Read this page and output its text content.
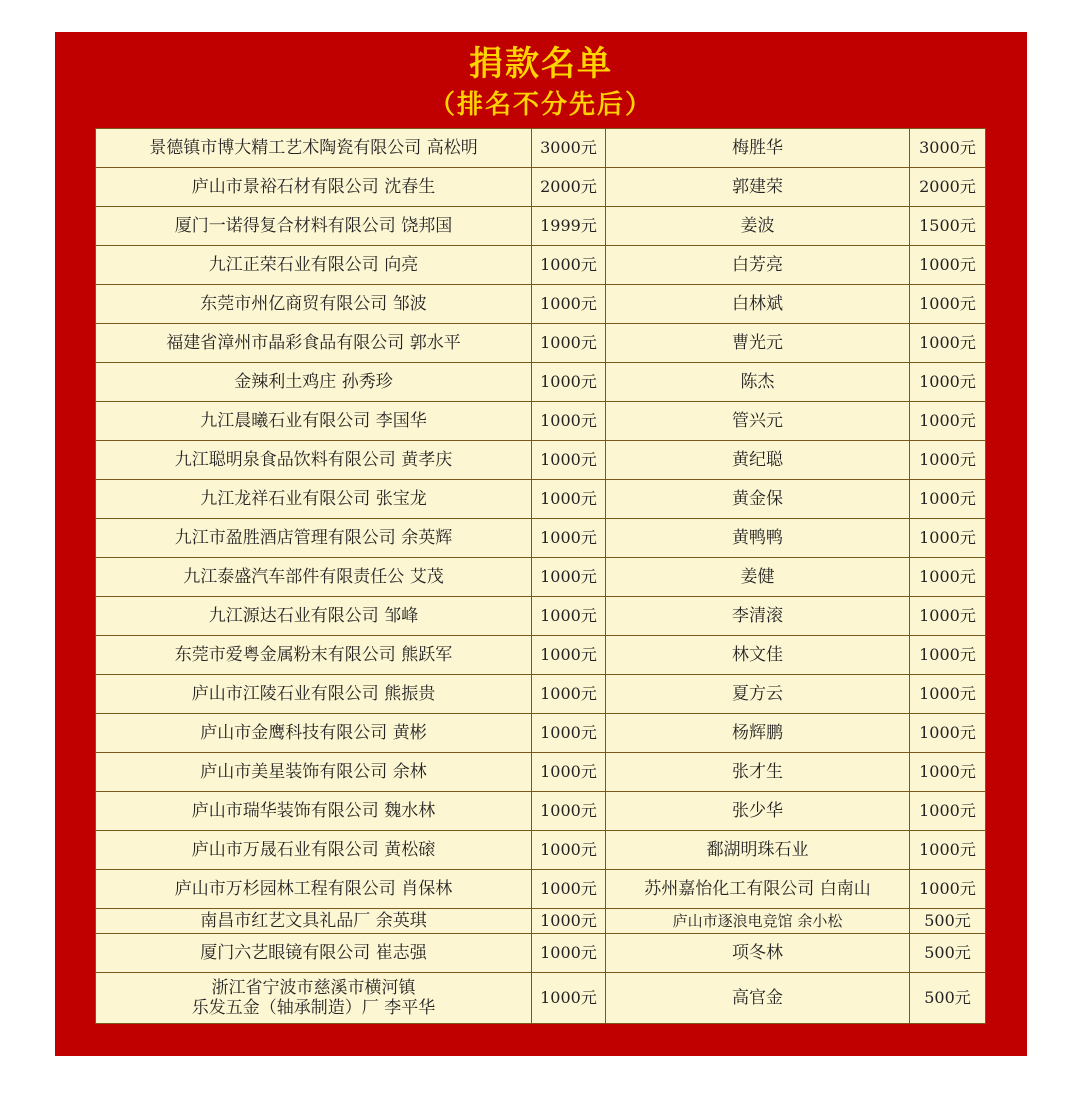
捐款名单
（排名不分先后）
景德镇市博大精工艺术陶瓷有限公司 高松明	3000元	梅胜华	3000元
庐山市景裕石材有限公司 沈春生	2000元	郭建荣	2000元
厦门一诺得复合材料有限公司 饶邦国	1999元	姜波	1500元
九江正荣石业有限公司 向亮	1000元	白芳亮	1000元
东莞市州亿商贸有限公司 邹波	1000元	白林斌	1000元
福建省漳州市晶彩食品有限公司 郭水平	1000元	曹光元	1000元
金辣利土鸡庄 孙秀珍	1000元	陈杰	1000元
九江晨曦石业有限公司 李国华	1000元	管兴元	1000元
九江聪明泉食品饮料有限公司 黄孝庆	1000元	黄纪聪	1000元
九江龙祥石业有限公司 张宝龙	1000元	黄金保	1000元
九江市盈胜酒店管理有限公司 余英辉	1000元	黄鸭鸭	1000元
九江泰盛汽车部件有限责任公 艾茂	1000元	姜健	1000元
九江源达石业有限公司 邹峰	1000元	李清滚	1000元
东莞市爱粤金属粉末有限公司 熊跃军	1000元	林文佳	1000元
庐山市江陵石业有限公司 熊振贵	1000元	夏方云	1000元
庐山市金鹰科技有限公司 黄彬	1000元	杨辉鹏	1000元
庐山市美星装饰有限公司 余林	1000元	张才生	1000元
庐山市瑞华装饰有限公司 魏水林	1000元	张少华	1000元
庐山市万晟石业有限公司 黄松磙	1000元	鄱湖明珠石业	1000元
庐山市万杉园林工程有限公司 肖保林	1000元	苏州嘉怡化工有限公司 白南山	1000元
南昌市红艺文具礼品厂 余英琪	1000元	庐山市逐浪电竞馆 余小松	500元
厦门六艺眼镜有限公司 崔志强	1000元	项冬林	500元

浙江省宁波市慈溪市横河镇
乐发五金（轴承制造）厂 李平华	1000元	高官金	500元
